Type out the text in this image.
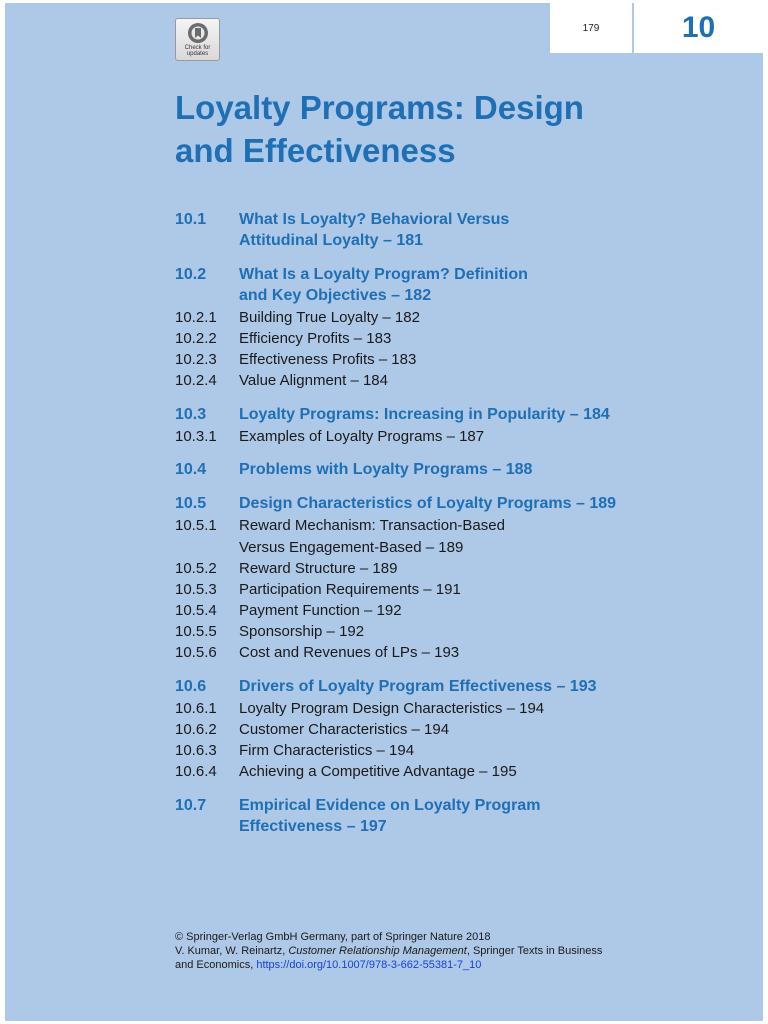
179	10
Check for updates
Loyalty Programs: Design
and Effectiveness
10.1 What Is Loyalty? Behavioral Versus
Attitudinal Loyalty – 181
10.2 What Is a Loyalty Program? Definition
and Key Objectives – 182
10.2.1 Building True Loyalty – 182
10.2.2 Efficiency Profits – 183
10.2.3 Effectiveness Profits – 183
10.2.4 Value Alignment – 184
10.3 Loyalty Programs: Increasing in Popularity – 184
10.3.1 Examples of Loyalty Programs – 187
10.4 Problems with Loyalty Programs – 188
10.5 Design Characteristics of Loyalty Programs – 189
10.5.1 Reward Mechanism: Transaction-Based
Versus Engagement-Based – 189
10.5.2 Reward Structure – 189
10.5.3 Participation Requirements – 191
10.5.4 Payment Function – 192
10.5.5 Sponsorship – 192
10.5.6 Cost and Revenues of LPs – 193
10.6 Drivers of Loyalty Program Effectiveness – 193
10.6.1 Loyalty Program Design Characteristics – 194
10.6.2 Customer Characteristics – 194
10.6.3 Firm Characteristics – 194
10.6.4 Achieving a Competitive Advantage – 195
10.7 Empirical Evidence on Loyalty Program
Effectiveness – 197
© Springer-Verlag GmbH Germany, part of Springer Nature 2018
V. Kumar, W. Reinartz, Customer Relationship Management, Springer Texts in Business
and Economics, https://doi.org/10.1007/978-3-662-55381-7_10
